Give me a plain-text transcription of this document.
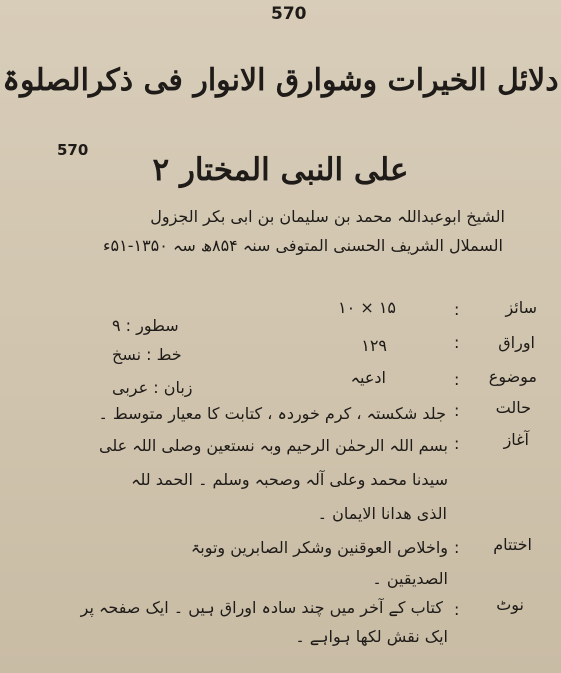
570
570
دلائل الخیرات وشوارق الانوار فی ذکرالصلوۃ
علی النبی المختار ۲
الشیخ ابوعبداللہ محمد بن سلیمان بن ابی بکر الجزول
السملال الشریف الحسنی المتوفی سنہ ۸۵۴ھ سہ ۱۳۵۰-۵۱ء
سائز
:
۱۰ × ۱۵
سطور : ۹
اوراق
:
۱۲۹
خط : نسخ
موضوع
:
ادعیہ
زبان : عربی
حالت
:
جلد شکستہ ، کرم خوردہ ، کتابت کا معیار متوسط ۔
آغاز
:
بسم اللہ الرحمٰن الرحیم وبہ نستعین وصلی اللہ علی
سیدنا محمد وعلی آلہ وصحبہ وسلم ۔ الحمد للہ
الذی ھدانا الایمان ۔
اختتام
:
واخلاص العوقنین وشکر الصابرین وتوبۃ
الصدیقین ۔
نوٹ
:
کتاب کے آخر میں چند سادہ اوراق ہیں ۔ ایک صفحہ پر
ایک نقش لکھا ہواہے ۔
